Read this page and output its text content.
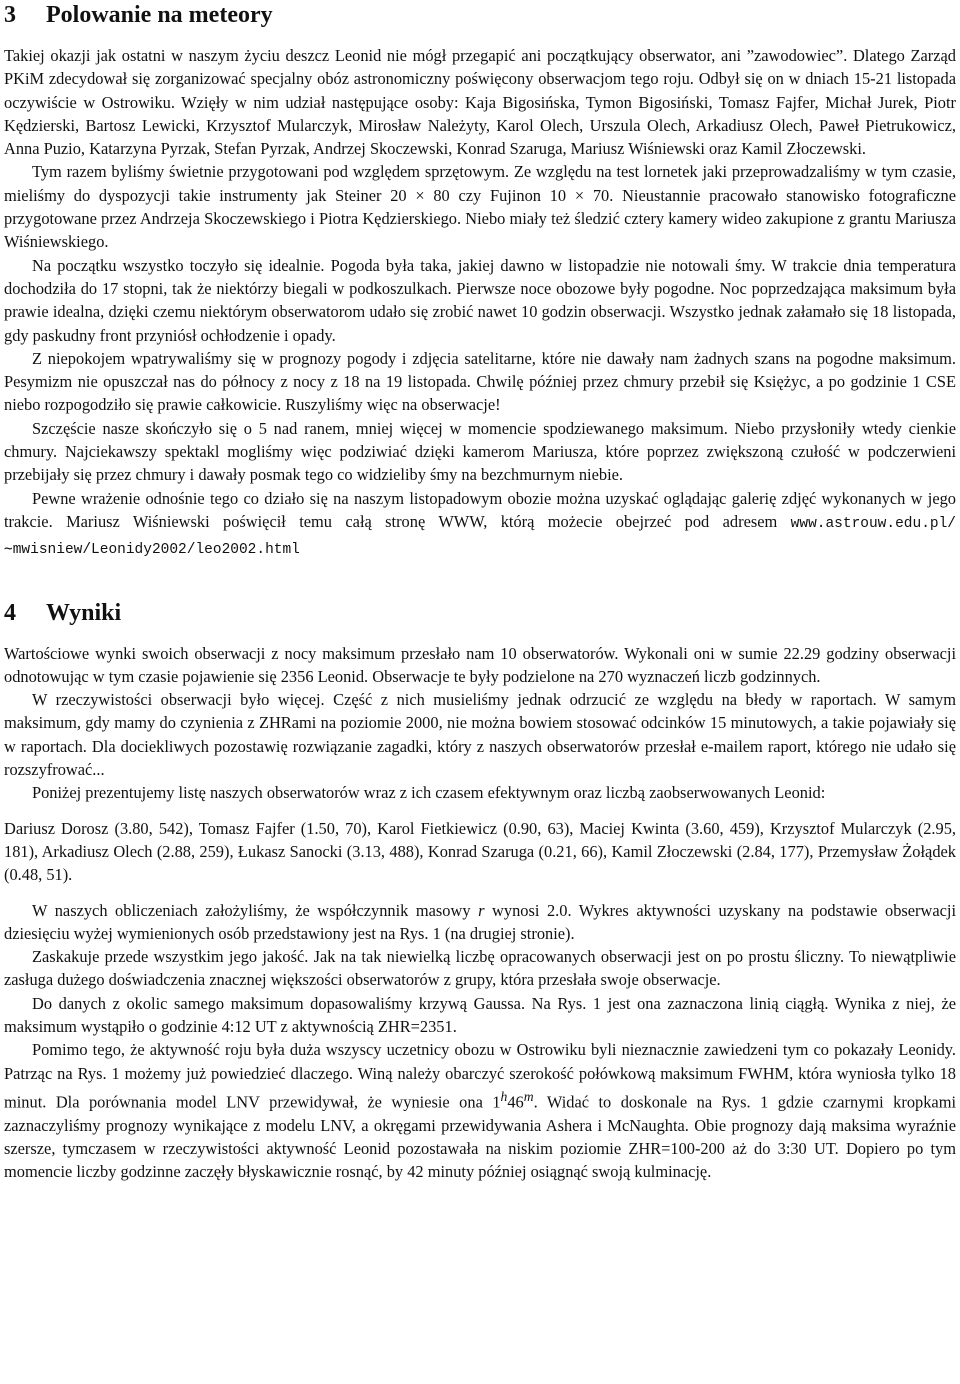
3 Polowanie na meteory

Takiej okazji jak ostatni w naszym życiu deszcz Leonid nie mógł przegapić ani początkujący obserwator, ani ”zawodowiec”. Dlatego Zarząd PKiM zdecydował się zorganizować specjalny obóz astronomiczny poświęcony obserwacjom tego roju. Odbył się on w dniach 15-21 listopada oczywiście w Ostrowiku. Wzięły w nim udział następujące osoby: Kaja Bigosińska, Tymon Bigosiński, Tomasz Fajfer, Michał Jurek, Piotr Kędzierski, Bartosz Lewicki, Krzysztof Mularczyk, Mirosław Należyty, Karol Olech, Urszula Olech, Arkadiusz Olech, Paweł Pietrukowicz, Anna Puzio, Katarzyna Pyrzak, Stefan Pyrzak, Andrzej Skoczewski, Konrad Szaruga, Mariusz Wiśniewski oraz Kamil Złoczewski.

Tym razem byliśmy świetnie przygotowani pod względem sprzętowym. Ze względu na test lornetek jaki przeprowadzaliśmy w tym czasie, mieliśmy do dyspozycji takie instrumenty jak Steiner 20 × 80 czy Fujinon 10 × 70. Nieustannie pracowało stanowisko fotograficzne przygotowane przez Andrzeja Skoczewskiego i Piotra Kędzierskiego. Niebo miały też śledzić cztery kamery wideo zakupione z grantu Mariusza Wiśniewskiego.

Na początku wszystko toczyło się idealnie. Pogoda była taka, jakiej dawno w listopadzie nie notowali śmy. W trakcie dnia temperatura dochodziła do 17 stopni, tak że niektórzy biegali w podkoszulkach. Pierwsze noce obozowe były pogodne. Noc poprzedzająca maksimum była prawie idealna, dzięki czemu niektórym obserwatorom udało się zrobić nawet 10 godzin obserwacji. Wszystko jednak załamało się 18 listopada, gdy paskudny front przyniósł ochłodzenie i opady.

Z niepokojem wpatrywaliśmy się w prognozy pogody i zdjęcia satelitarne, które nie dawały nam żadnych szans na pogodne maksimum. Pesymizm nie opuszczał nas do północy z nocy z 18 na 19 listopada. Chwilę później przez chmury przebił się Księżyc, a po godzinie 1 CSE niebo rozpogodziło się prawie całkowicie. Ruszyliśmy więc na obserwacje!

Szczęście nasze skończyło się o 5 nad ranem, mniej więcej w momencie spodziewanego maksimum. Niebo przysłoniły wtedy cienkie chmury. Najciekawszy spektakl mogliśmy więc podziwiać dzięki kamerom Mariusza, które poprzez zwiększoną czułość w podczerwieni przebijały się przez chmury i dawały posmak tego co widzieliby śmy na bezchmurnym niebie.

Pewne wrażenie odnośnie tego co działo się na naszym listopadowym obozie można uzyskać oglądając galerię zdjęć wykonanych w jego trakcie. Mariusz Wiśniewski poświęcił temu całą stronę WWW, którą możecie obejrzeć pod adresem www.astrouw.edu.pl/∼mwisniew/Leonidy2002/leo2002.html

4 Wyniki

Wartościowe wynki swoich obserwacji z nocy maksimum przesłało nam 10 obserwatorów. Wykonali oni w sumie 22.29 godziny obserwacji odnotowując w tym czasie pojawienie się 2356 Leonid. Obserwacje te były podzielone na 270 wyznaczeń liczb godzinnych.

W rzeczywistości obserwacji było więcej. Część z nich musieliśmy jednak odrzucić ze względu na błedy w raportach. W samym maksimum, gdy mamy do czynienia z ZHRami na poziomie 2000, nie można bowiem stosować odcinków 15 minutowych, a takie pojawiały się w raportach. Dla dociekliwych pozostawię rozwiązanie zagadki, który z naszych obserwatorów przesłał e-mailem raport, którego nie udało się rozszyfrować...

Poniżej prezentujemy listę naszych obserwatorów wraz z ich czasem efektywnym oraz liczbą zaobserwowanych Leonid:

Dariusz Dorosz (3.80, 542), Tomasz Fajfer (1.50, 70), Karol Fietkiewicz (0.90, 63), Maciej Kwinta (3.60, 459), Krzysztof Mularczyk (2.95, 181), Arkadiusz Olech (2.88, 259), Łukasz Sanocki (3.13, 488), Konrad Szaruga (0.21, 66), Kamil Złoczewski (2.84, 177), Przemysław Żołądek (0.48, 51).

W naszych obliczeniach założyliśmy, że współczynnik masowy r wynosi 2.0. Wykres aktywności uzyskany na podstawie obserwacji dziesięciu wyżej wymienionych osób przedstawiony jest na Rys. 1 (na drugiej stronie).

Zaskakuje przede wszystkim jego jakość. Jak na tak niewielką liczbę opracowanych obserwacji jest on po prostu śliczny. To niewątpliwie zasługa dużego doświadczenia znacznej większości obserwatorów z grupy, która przesłała swoje obserwacje.

Do danych z okolic samego maksimum dopasowaliśmy krzywą Gaussa. Na Rys. 1 jest ona zaznaczona linią ciągłą. Wynika z niej, że maksimum wystąpiło o godzinie 4:12 UT z aktywnością ZHR=2351.

Pomimo tego, że aktywność roju była duża wszyscy uczetnicy obozu w Ostrowiku byli nieznacznie zawiedzeni tym co pokazały Leonidy. Patrząc na Rys. 1 możemy już powiedzieć dlaczego. Winą należy obarczyć szerokość połówkową maksimum FWHM, która wyniosła tylko 18 minut. Dla porównania model LNV przewidywał, że wyniesie ona 1$^h$46$^m$. Widać to doskonale na Rys. 1 gdzie czarnymi kropkami zaznaczyliśmy prognozy wynikające z modelu LNV, a okręgami przewidywania Ashera i McNaughta. Obie prognozy dają maksima wyraźnie szersze, tymczasem w rzeczywistości aktywność Leonid pozostawała na niskim poziomie ZHR=100-200 aż do 3:30 UT. Dopiero po tym momencie liczby godzinne zaczęły błyskawicznie rosnąć, by 42 minuty później osiągnąć swoją kulminację.
